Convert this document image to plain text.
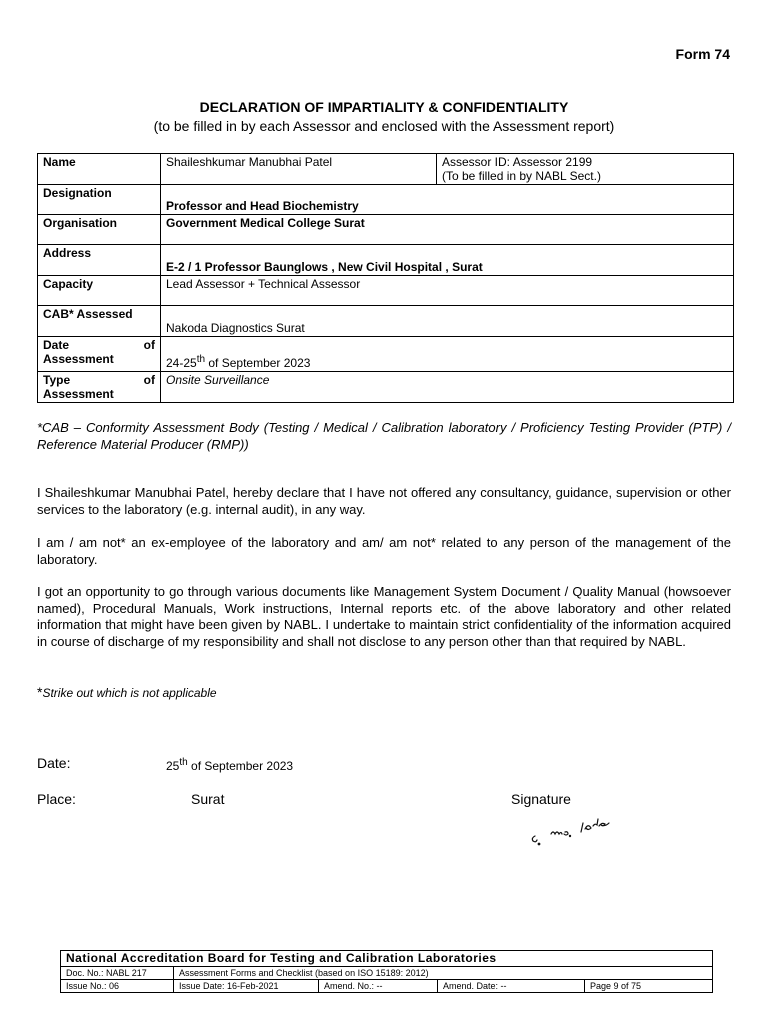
Form 74
DECLARATION OF IMPARTIALITY & CONFIDENTIALITY
(to be filled in by each Assessor and enclosed with the Assessment report)
Name	Shaileshkumar Manubhai Patel	Assessor ID: Assessor 2199
(To be filled in by NABL Sect.)

Designation	Professor and Head Biochemistry	
Organisation	Government Medical College Surat	
Address	E-2 / 1 Professor Baunglows , New Civil Hospital , Surat	
Capacity	Lead Assessor + Technical Assessor	
CAB* Assessed	Nakoda Diagnostics Surat	

Date of
Assessment	24-25th of September 2023	

Type of
Assessment	Onsite Surveillance	
*CAB – Conformity Assessment Body (Testing / Medical / Calibration laboratory / Proficiency Testing Provider (PTP) / Reference Material Producer (RMP))
I Shaileshkumar Manubhai Patel, hereby declare that I have not offered any consultancy, guidance, supervision or other services to the laboratory (e.g. internal audit), in any way.
I am / am not* an ex-employee of the laboratory and am/ am not* related to any person of the management of the laboratory.
I got an opportunity to go through various documents like Management System Document / Quality Manual (howsoever named), Procedural Manuals, Work instructions, Internal reports etc. of the above laboratory and other related information that might have been given by NABL. I undertake to maintain strict confidentiality of the information acquired in course of discharge of my responsibility and shall not disclose to any person other than that required by NABL.
*Strike out which is not applicable
Date:	25th of September 2023
Place:	Surat	Signature
National Accreditation Board for Testing and Calibration Laboratories				
Doc. No.: NABL 217	Assessment Forms and Checklist (based on ISO 15189: 2012)			
Issue No.: 06	Issue Date: 16-Feb-2021	Amend. No.: --	Amend. Date: --	Page 9 of 75
